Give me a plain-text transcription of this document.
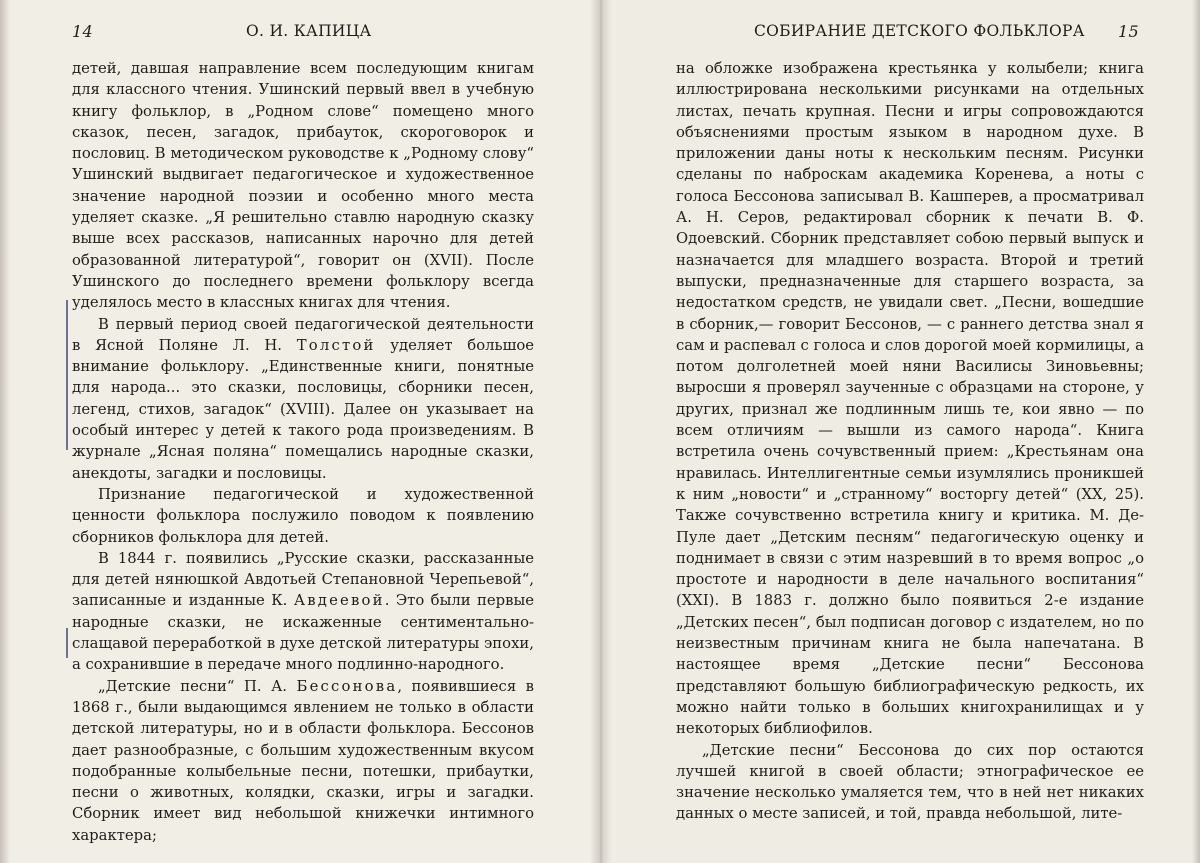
14	О. И. КАПИЦА

детей, давшая направление всем последующим книгам для классного чтения. Ушинский первый ввел в учебную книгу фольклор, в „Родном слове“ помещено много сказок, песен, загадок, прибауток, скороговорок и пословиц. В методическом руководстве к „Родному слову“ Ушинский выдвигает педагогическое и художественное значение народной поэзии и особенно много места уделяет сказке. „Я решительно ставлю народную сказку выше всех рассказов, написанных нарочно для детей образованной литературой“, говорит он (XVII). После Ушинского до последнего времени фольклору всегда уделялось место в классных книгах для чтения.

В первый период своей педагогической деятельности в Ясной Поляне Л. Н. Толстой уделяет большое внимание фольклору. „Единственные книги, понятные для народа... это сказки, пословицы, сборники песен, легенд, стихов, загадок“ (XVIII). Далее он указывает на особый интерес у детей к такого рода произведениям. В журнале „Ясная поляна“ помещались народные сказки, анекдоты, загадки и пословицы.

Признание педагогической и художественной ценности фольклора послужило поводом к появлению сборников фольклора для детей.

В 1844 г. появились „Русские сказки, рассказанные для детей нянюшкой Авдотьей Степановной Черепьевой“, записанные и изданные К. Авдеевой. Это были первые народные сказки, не искаженные сентиментально-слащавой переработкой в духе детской литературы эпохи, а сохранившие в передаче много подлинно-народного.

„Детские песни“ П. А. Бессонова, появившиеся в 1868 г., были выдающимся явлением не только в области детской литературы, но и в области фольклора. Бессонов дает разнообразные, с большим художественным вкусом подобранные колыбельные песни, потешки, прибаутки, песни о животных, колядки, сказки, игры и загадки. Сборник имеет вид небольшой книжечки интимного характера;

СОБИРАНИЕ ДЕТСКОГО ФОЛЬКЛОРА 15

на обложке изображена крестьянка у колыбели; книга иллюстрирована несколькими рисунками на отдельных листах, печать крупная. Песни и игры сопровождаются объяснениями простым языком в народном духе. В приложении даны ноты к нескольким песням. Рисунки сделаны по наброскам академика Коренева, а ноты с голоса Бессонова записывал В. Кашперев, а просматривал А. Н. Серов, редактировал сборник к печати В. Ф. Одоевский. Сборник представляет собою первый выпуск и назначается для младшего возраста. Второй и третий выпуски, предназначенные для старшего возраста, за недостатком средств, не увидали свет. „Песни, вошедшие в сборник,— говорит Бессонов, — с раннего детства знал я сам и распевал с голоса и слов дорогой моей кормилицы, а потом долголетней моей няни Василисы Зиновьевны; выросши я проверял заученные с образцами на стороне, у других, признал же подлинным лишь те, кои явно — по всем отличиям — вышли из самого народа“. Книга встретила очень сочувственный прием: „Крестьянам она нравилась. Интеллигентные семьи изумлялись проникшей к ним „новости“ и „странному“ восторгу детей“ (XX, 25). Также сочувственно встретила книгу и критика. М. Де-Пуле дает „Детским песням“ педагогическую оценку и поднимает в связи с этим назревший в то время вопрос „о простоте и народности в деле начального воспитания“ (XXI). В 1883 г. должно было появиться 2-е издание „Детских песен“, был подписан договор с издателем, но по неизвестным причинам книга не была напечатана. В настоящее время „Детские песни“ Бессонова представляют большую библиографическую редкость, их можно найти только в больших книгохранилищах и у некоторых библиофилов.

„Детские песни“ Бессонова до сих пор остаются лучшей книгой в своей области; этнографическое ее значение несколько умаляется тем, что в ней нет никаких данных о месте записей, и той, правда небольшой, лите-
